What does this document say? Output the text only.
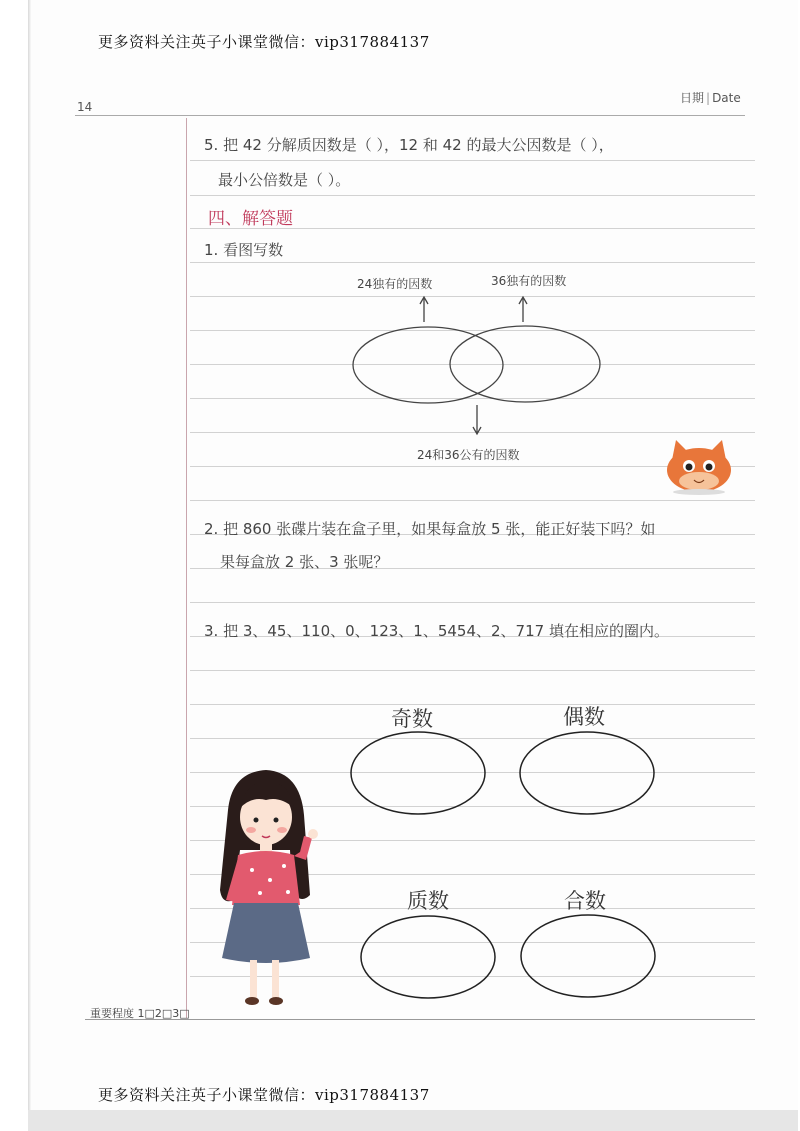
更多资料关注英子小课堂微信：vip317884137
14
日期 | Date
5. 把 42 分解质因数是（ ），12 和 42 的最大公因数是（ ），
最小公倍数是（ ）。
四、解答题
1. 看图写数
24独有的因数	36独有的因数
24和36公有的因数
2. 把 860 张碟片装在盒子里，如果每盒放 5 张，能正好装下吗？如
果每盒放 2 张、3 张呢？
3. 把 3、45、110、0、123、1、5454、2、717 填在相应的圈内。
奇数	偶数
质数	合数
重要程度 1□2□3□
更多资料关注英子小课堂微信：vip317884137
